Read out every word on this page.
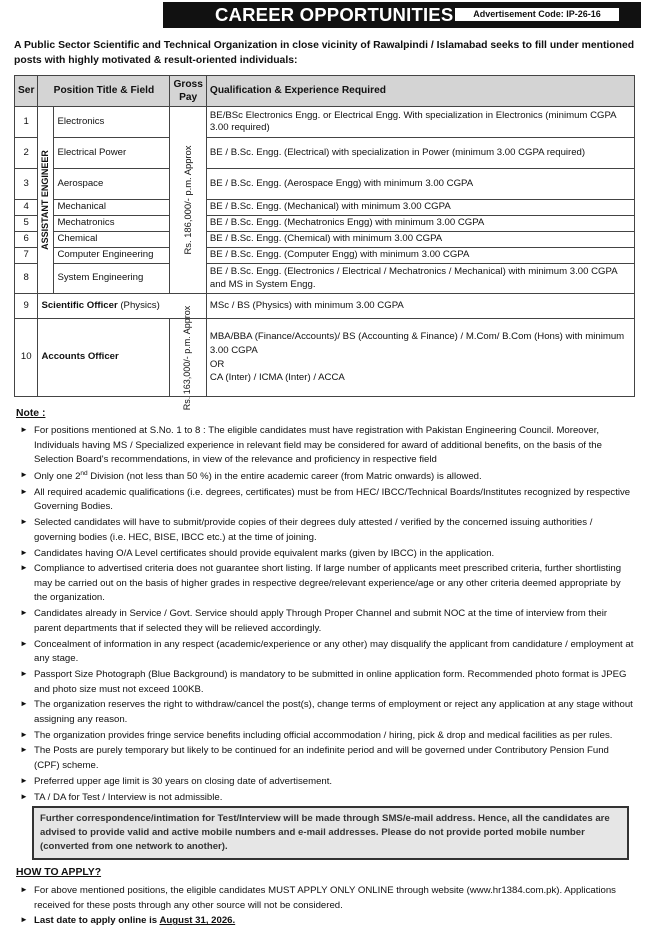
CAREER OPPORTUNITIES	Advertisement Code: IP-26-16
A Public Sector Scientific and Technical Organization in close vicinity of Rawalpindi / Islamabad seeks to fill under mentioned posts with highly motivated & result-oriented individuals:
Ser	Position Title & Field		Gross Pay	Qualification & Experience Required
1	ASSISTANT ENGINEER	Electronics	Rs. 186,000/- p.m. Approx	BE/BSc Electronics Engg. or Electrical Engg. With specialization in Electronics (minimum CGPA 3.00 required)
2		Electrical Power		BE / B.Sc. Engg. (Electrical) with specialization in Power (minimum 3.00 CGPA required)
3		Aerospace		BE / B.Sc. Engg. (Aerospace Engg) with minimum 3.00 CGPA
4		Mechanical		BE / B.Sc. Engg. (Mechanical) with minimum 3.00 CGPA
5		Mechatronics		BE / B.Sc. Engg. (Mechatronics Engg) with minimum 3.00 CGPA
6		Chemical		BE / B.Sc. Engg. (Chemical) with minimum 3.00 CGPA
7		Computer Engineering		BE / B.Sc. Engg. (Computer Engg) with minimum 3.00 CGPA
8		System Engineering		BE / B.Sc. Engg. (Electronics / Electrical / Mechatronics / Mechanical) with minimum 3.00 CGPA and MS in System Engg.
9	Scientific Officer (Physics)			MSc / BS (Physics) with minimum 3.00 CGPA
10	Accounts Officer		Rs. 163,000/- p.m. Approx	MBA/BBA (Finance/Accounts)/ BS (Accounting & Finance) / M.Com/ B.Com (Hons) with minimum 3.00 CGPA
OR
CA (Inter) / ICMA (Inter) / ACCA
Note :
► For positions mentioned at S.No. 1 to 8 : The eligible candidates must have registration with Pakistan Engineering Council. Moreover, Individuals having MS / Specialized experience in relevant field may be considered for award of additional benefits, on the basis of the Selection Board's recommendations, in view of the relevance and proficiency in respective field
► Only one 2nd Division (not less than 50 %) in the entire academic career (from Matric onwards) is allowed.
► All required academic qualifications (i.e. degrees, certificates) must be from HEC/ IBCC/Technical Boards/Institutes recognized by respective Governing Bodies.
► Selected candidates will have to submit/provide copies of their degrees duly attested / verified by the concerned issuing authorities / governing bodies (i.e. HEC, BISE, IBCC etc.) at the time of joining.
► Candidates having O/A Level certificates should provide equivalent marks (given by IBCC) in the application.
► Compliance to advertised criteria does not guarantee short listing. If large number of applicants meet prescribed criteria, further shortlisting may be carried out on the basis of higher grades in respective degree/relevant experience/age or any other criteria deemed appropriate by the organization.
► Candidates already in Service / Govt. Service should apply Through Proper Channel and submit NOC at the time of interview from their parent departments that if selected they will be relieved accordingly.
► Concealment of information in any respect (academic/experience or any other) may disqualify the applicant from candidature / employment at any stage.
► Passport Size Photograph (Blue Background) is mandatory to be submitted in online application form. Recommended photo format is JPEG and photo size must not exceed 100KB.
► The organization reserves the right to withdraw/cancel the post(s), change terms of employment or reject any application at any stage without assigning any reason.
► The organization provides fringe service benefits including official accommodation / hiring, pick & drop and medical facilities as per rules.
► The Posts are purely temporary but likely to be continued for an indefinite period and will be governed under Contributory Pension Fund (CPF) scheme.
► Preferred upper age limit is 30 years on closing date of advertisement.
► TA / DA for Test / Interview is not admissible.
Further correspondence/intimation for Test/Interview will be made through SMS/e-mail address. Hence, all the candidates are advised to provide valid and active mobile numbers and e-mail addresses. Please do not provide ported mobile number (converted from one network to another).
HOW TO APPLY?
► For above mentioned positions, the eligible candidates MUST APPLY ONLY ONLINE through website (www.hr1384.com.pk). Applications received for these posts through any other source will not be considered.
► Last date to apply online is August 31, 2026.
